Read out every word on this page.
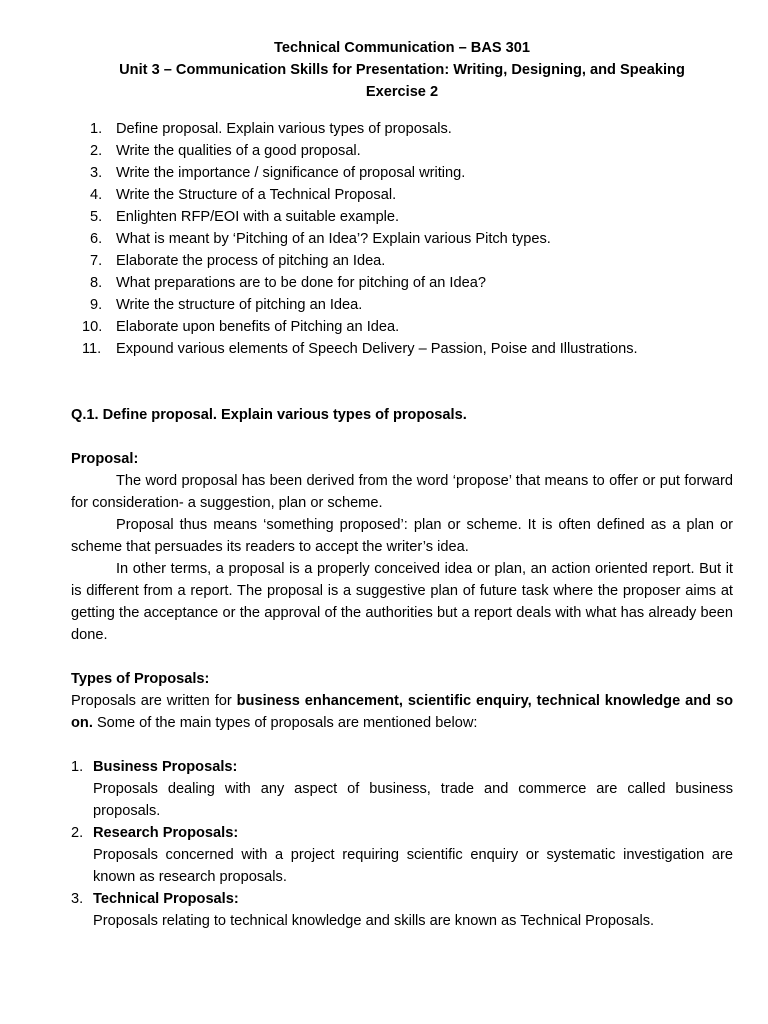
Technical Communication – BAS 301
Unit 3 – Communication Skills for Presentation: Writing, Designing, and Speaking
Exercise 2
1. Define proposal. Explain various types of proposals.
2. Write the qualities of a good proposal.
3. Write the importance / significance of proposal writing.
4. Write the Structure of a Technical Proposal.
5. Enlighten RFP/EOI with a suitable example.
6. What is meant by ‘Pitching of an Idea’? Explain various Pitch types.
7. Elaborate the process of pitching an Idea.
8. What preparations are to be done for pitching of an Idea?
9. Write the structure of pitching an Idea.
10. Elaborate upon benefits of Pitching an Idea.
11. Expound various elements of Speech Delivery – Passion, Poise and Illustrations.
Q.1. Define proposal. Explain various types of proposals.
Proposal:

The word proposal has been derived from the word ‘propose’ that means to offer or put forward for consideration- a suggestion, plan or scheme.

Proposal thus means ‘something proposed’: plan or scheme. It is often defined as a plan or scheme that persuades its readers to accept the writer’s idea.

In other terms, a proposal is a properly conceived idea or plan, an action oriented report. But it is different from a report. The proposal is a suggestive plan of future task where the proposer aims at getting the acceptance or the approval of the authorities but a report deals with what has already been done.

Types of Proposals:

Proposals are written for business enhancement, scientific enquiry, technical knowledge and so on. Some of the main types of proposals are mentioned below:

1. Business Proposals:
Proposals dealing with any aspect of business, trade and commerce are called business proposals.
2. Research Proposals:
Proposals concerned with a project requiring scientific enquiry or systematic investigation are known as research proposals.
3. Technical Proposals:
Proposals relating to technical knowledge and skills are known as Technical Proposals.
